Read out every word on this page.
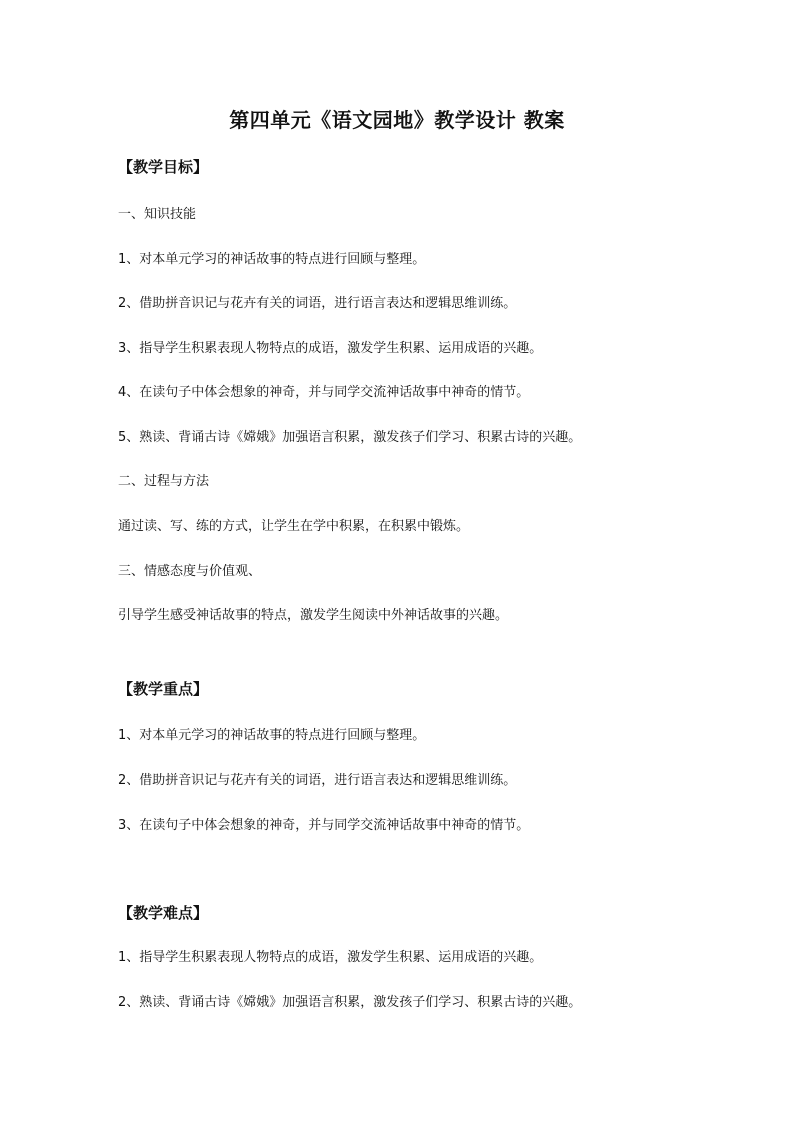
第四单元《语文园地》教学设计 教案
【教学目标】
一、知识技能
1、对本单元学习的神话故事的特点进行回顾与整理。
2、借助拼音识记与花卉有关的词语，进行语言表达和逻辑思维训练。
3、指导学生积累表现人物特点的成语，激发学生积累、运用成语的兴趣。
4、在读句子中体会想象的神奇，并与同学交流神话故事中神奇的情节。
5、熟读、背诵古诗《嫦娥》加强语言积累，激发孩子们学习、积累古诗的兴趣。
二、过程与方法
通过读、写、练的方式，让学生在学中积累，在积累中锻炼。
三、情感态度与价值观、
引导学生感受神话故事的特点，激发学生阅读中外神话故事的兴趣。
【教学重点】
1、对本单元学习的神话故事的特点进行回顾与整理。
2、借助拼音识记与花卉有关的词语，进行语言表达和逻辑思维训练。
3、在读句子中体会想象的神奇，并与同学交流神话故事中神奇的情节。
【教学难点】
1、指导学生积累表现人物特点的成语，激发学生积累、运用成语的兴趣。
2、熟读、背诵古诗《嫦娥》加强语言积累，激发孩子们学习、积累古诗的兴趣。
